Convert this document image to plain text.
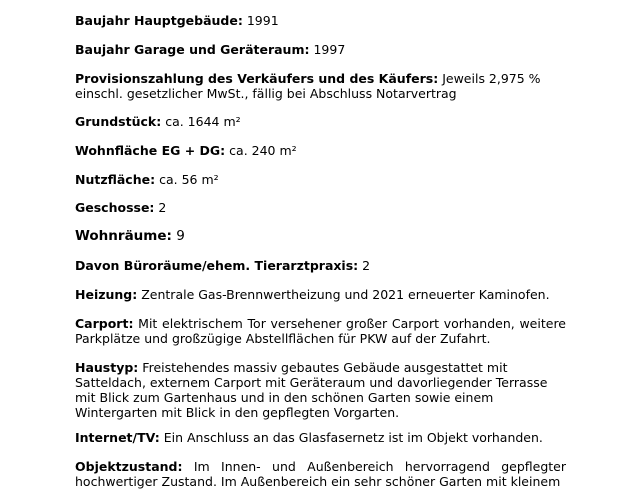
Baujahr Hauptgebäude: 1991
Baujahr Garage und Geräteraum: 1997
Provisionszahlung des Verkäufers und des Käufers: Jeweils 2,975 % einschl. gesetzlicher MwSt., fällig bei Abschluss Notarvertrag
Grundstück: ca. 1644 m²
Wohnfläche EG + DG: ca. 240 m²
Nutzfläche: ca. 56 m²
Geschosse: 2
Wohnräume: 9
Davon Büroräume/ehem. Tierarztpraxis: 2
Heizung: Zentrale Gas-Brennwertheizung und 2021 erneuerter Kaminofen.
Carport: Mit elektrischem Tor versehener großer Carport vorhanden, weitere Parkplätze und großzügige Abstellflächen für PKW auf der Zufahrt.
Haustyp: Freistehendes massiv gebautes Gebäude ausgestattet mit Satteldach, externem Carport mit Geräteraum und davorliegender Terrasse mit Blick zum Gartenhaus und in den schönen Garten sowie einem Wintergarten mit Blick in den gepflegten Vorgarten.
Internet/TV: Ein Anschluss an das Glasfasernetz ist im Objekt vorhanden.
Objektzustand: Im Innen- und Außenbereich hervorragend gepflegter hochwertiger Zustand. Im Außenbereich ein sehr schöner Garten mit kleinem
